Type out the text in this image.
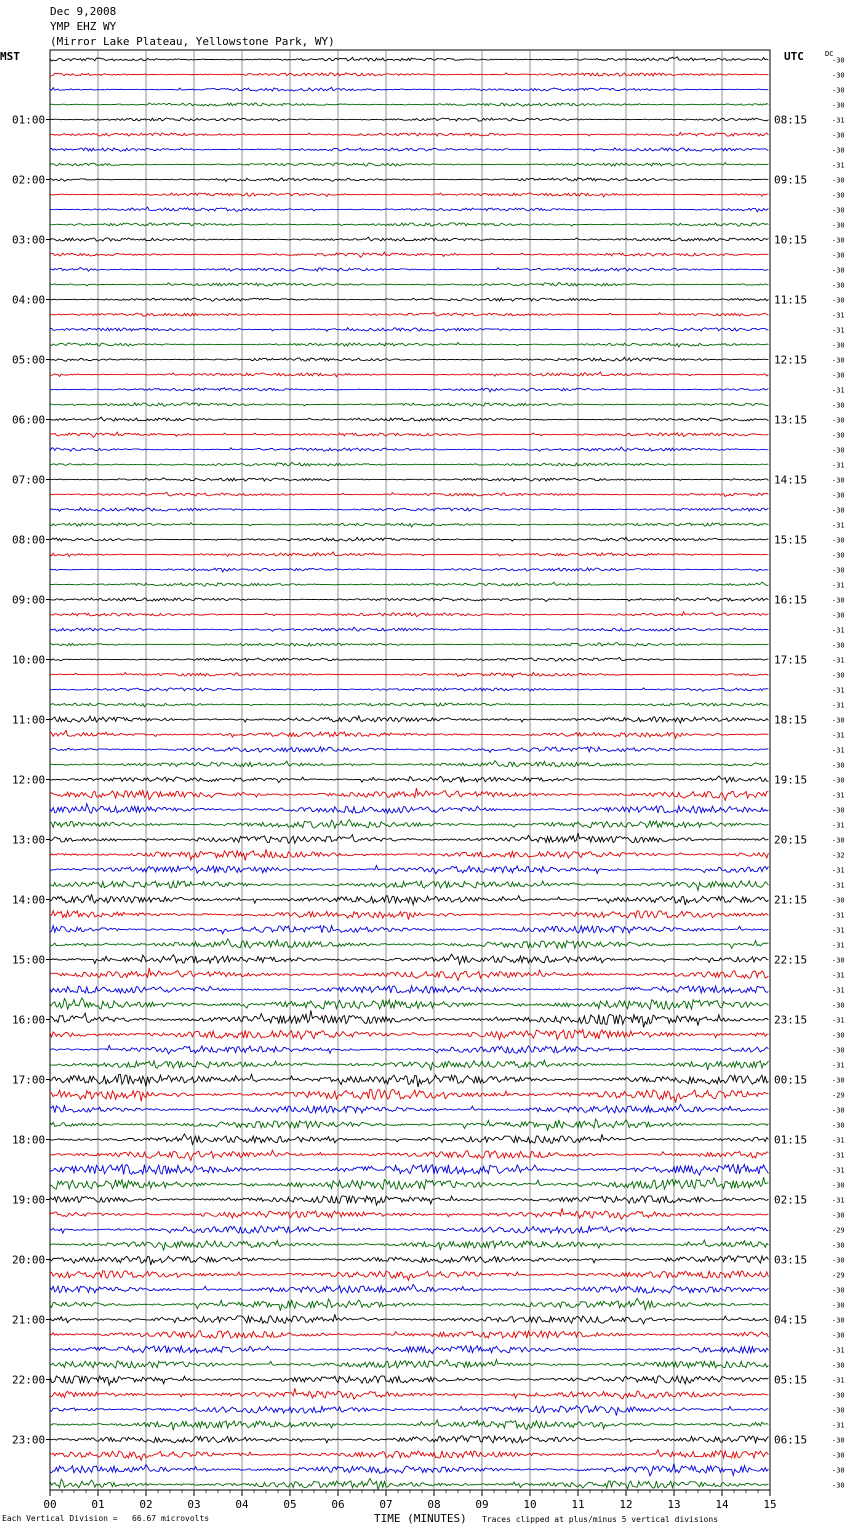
Dec 9,2008
YMP EHZ WY
(Mirror Lake Plateau, Yellowstone Park, WY)
MST	UTC	DC
-30
-30
-30
-30
-31
-30
-30
-31
-30
-30
-30
-30
-30
-30
-30
-30
-30
-31
-31
-30
-30
-30
-31
-30
-30
-30
-30
-31
-30
-30
-30
-31
-30
-30
-30
-31
-30
-30
-31
-30
-31
-30
-31
-31
-30
-31
-31
-30
-30
-31
-30
-31
-30
-32
-31
-31
-30
-31
-31
-31
-30
-31
-31
-30
-31
-30
-30
-31
-30
-29
-30
-30
-31
-31
-31
-30
-31
-30
-29
-30
-30
-29
-30
-30
-30
-30
-31
-30
-31
-30
-30
-31
-30
-30
-30
-30
01:00	08:15
02:00	09:15
03:00	10:15
04:00	11:15
05:00	12:15
06:00	13:15
07:00	14:15
08:00	15:15
09:00	16:15
10:00	17:15
11:00	18:15
12:00	19:15
13:00	20:15
14:00	21:15
15:00	22:15
16:00	23:15
17:00	00:15
18:00	01:15
19:00	02:15
20:00	03:15
21:00	04:15
22:00	05:15
23:00	06:15
00	01	02	03	04	05	06	07	08	09	10	11	12	13	14	15
TIME (MINUTES)
Each Vertical Division =   66.67 microvolts	Traces clipped at plus/minus 5 vertical divisions
